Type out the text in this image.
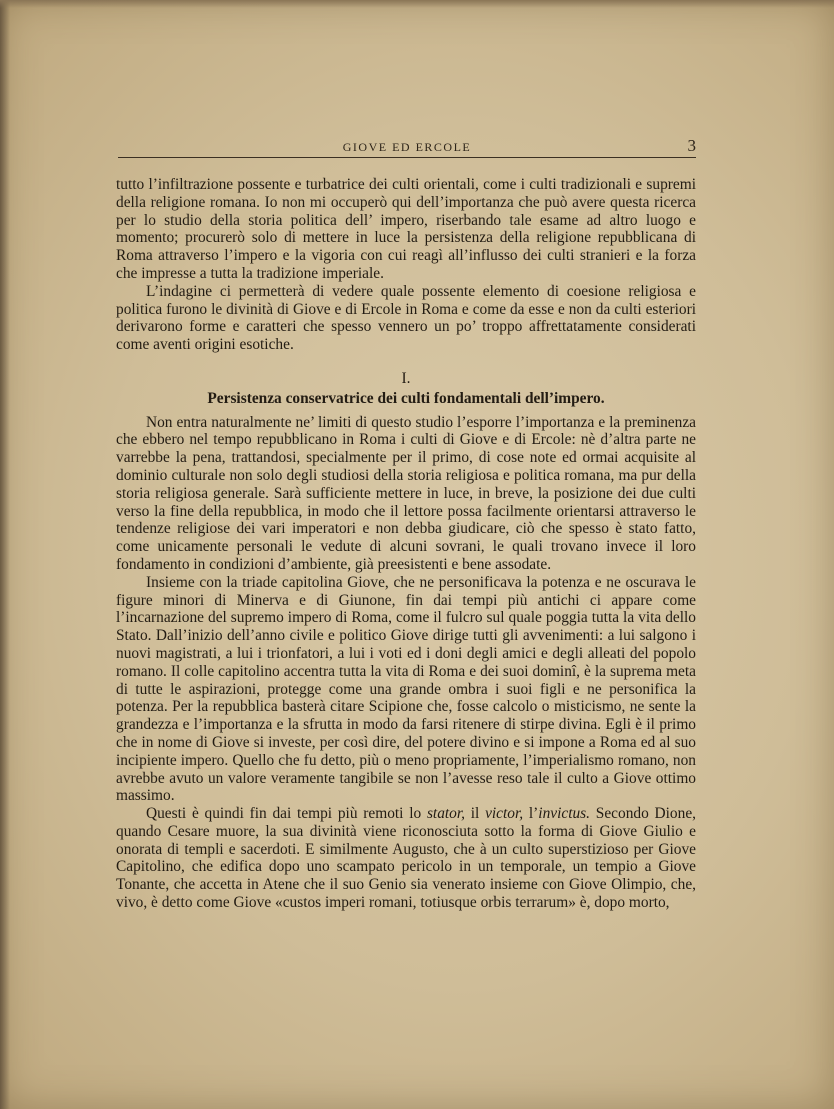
GIOVE ED ERCOLE	3

tutto l’infiltrazione possente e turbatrice dei culti orientali, come i culti tradizionali e supremi della religione romana. Io non mi occuperò qui dell’importanza che può avere questa ricerca per lo studio della storia politica dell’ impero, riserbando tale esame ad altro luogo e momento; procurerò solo di mettere in luce la persistenza della religione repubblicana di Roma attraverso l’impero e la vigoria con cui reagì all’influsso dei culti stranieri e la forza che impresse a tutta la tradizione imperiale.

L’indagine ci permetterà di vedere quale possente elemento di coesione religiosa e politica furono le divinità di Giove e di Ercole in Roma e come da esse e non da culti esteriori derivarono forme e caratteri che spesso vennero un po’ troppo affrettatamente considerati come aventi origini esotiche.

I.
Persistenza conservatrice dei culti fondamentali dell’impero.

Non entra naturalmente ne’ limiti di questo studio l’esporre l’importanza e la preminenza che ebbero nel tempo repubblicano in Roma i culti di Giove e di Ercole: nè d’altra parte ne varrebbe la pena, trattandosi, specialmente per il primo, di cose note ed ormai acquisite al dominio culturale non solo degli studiosi della storia religiosa e politica romana, ma pur della storia religiosa generale. Sarà sufficiente mettere in luce, in breve, la posizione dei due culti verso la fine della repubblica, in modo che il lettore possa facilmente orientarsi attraverso le tendenze religiose dei vari imperatori e non debba giudicare, ciò che spesso è stato fatto, come unicamente personali le vedute di alcuni sovrani, le quali trovano invece il loro fondamento in condizioni d’ambiente, già preesistenti e bene assodate.

Insieme con la triade capitolina Giove, che ne personificava la potenza e ne oscurava le figure minori di Minerva e di Giunone, fin dai tempi più antichi ci appare come l’incarnazione del supremo impero di Roma, come il fulcro sul quale poggia tutta la vita dello Stato. Dall’inizio dell’anno civile e politico Giove dirige tutti gli avvenimenti: a lui salgono i nuovi magistrati, a lui i trionfatori, a lui i voti ed i doni degli amici e degli alleati del popolo romano. Il colle capitolino accentra tutta la vita di Roma e dei suoi dominî, è la suprema meta di tutte le aspirazioni, protegge come una grande ombra i suoi figli e ne personifica la potenza. Per la repubblica basterà citare Scipione che, fosse calcolo o misticismo, ne sente la grandezza e l’importanza e la sfrutta in modo da farsi ritenere di stirpe divina. Egli è il primo che in nome di Giove si investe, per così dire, del potere divino e si impone a Roma ed al suo incipiente impero. Quello che fu detto, più o meno propriamente, l’imperialismo romano, non avrebbe avuto un valore veramente tangibile se non l’avesse reso tale il culto a Giove ottimo massimo.

Questi è quindi fin dai tempi più remoti lo stator, il victor, l’invictus. Secondo Dione, quando Cesare muore, la sua divinità viene riconosciuta sotto la forma di Giove Giulio e onorata di templi e sacerdoti. E similmente Augusto, che à un culto superstizioso per Giove Capitolino, che edifica dopo uno scampato pericolo in un temporale, un tempio a Giove Tonante, che accetta in Atene che il suo Genio sia venerato insieme con Giove Olimpio, che, vivo, è detto come Giove «custos imperi romani, totiusque orbis terrarum» è, dopo morto,
